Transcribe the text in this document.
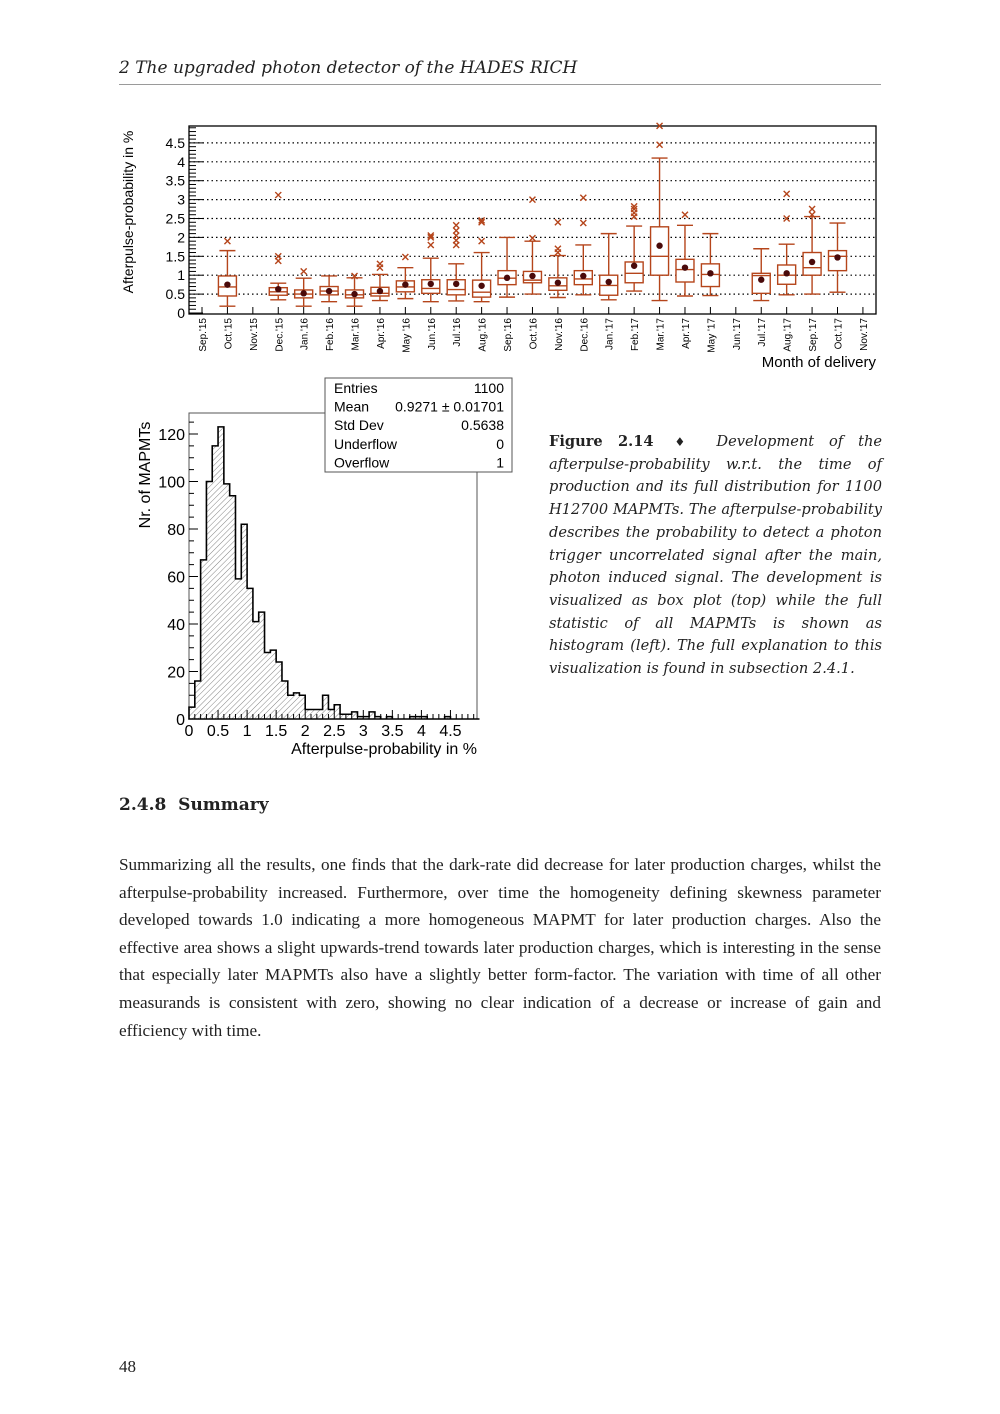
2 The upgraded photon detector of the HADES RICH
0
0.5
1
1.5
2
2.5
3
3.5
4
4.5
Afterpulse-probability in %
Sep.'15 Oct.'15 Nov.'15 Dec.'15 Jan.'16 Feb.'16 Mar.'16 Apr.'16 May '16 Jun.'16 Jul.'16 Aug.'16 Sep.'16 Oct.'16 Nov.'16 Dec.'16 Jan.'17 Feb.'17 Mar.'17 Apr.'17 May '17 Jun.'17 Jul.'17 Aug.'17 Sep.'17 Oct.'17 Nov.'17
Month of delivery
0 0.5 1 1.5 2 2.5 3 3.5 4 4.5
Afterpulse-probability in %
0
20
40
60
80
100
120
Nr. of MAPMTs
Entries	1100
Mean 0.9271 ± 0.01701
Std Dev	0.5638
Underflow	0
Overflow	1
Figure 2.14 ♦ Development of the afterpulse-probability w.r.t. the time of production and its full distribution for 1100 H12700 MAPMTs. The afterpulse-probability describes the probability to detect a photon trigger uncorrelated signal after the main, photon induced signal. The development is visualized as box plot (top) while the full statistic of all MAPMTs is shown as histogram (left). The full explanation to this visualization is found in subsection 2.4.1.
2.4.8 Summary

Summarizing all the results, one finds that the dark-rate did decrease for later production charges, whilst the afterpulse-probability increased. Furthermore, over time the homogeneity defining skewness parameter developed towards 1.0 indicating a more homogeneous MAPMT for later production charges. Also the effective area shows a slight upwards-trend towards later production charges, which is interesting in the sense that especially later MAPMTs also have a slightly better form-factor. The variation with time of all other measurands is consistent with zero, showing no clear indication of a decrease or increase of gain and efficiency with time.

48
